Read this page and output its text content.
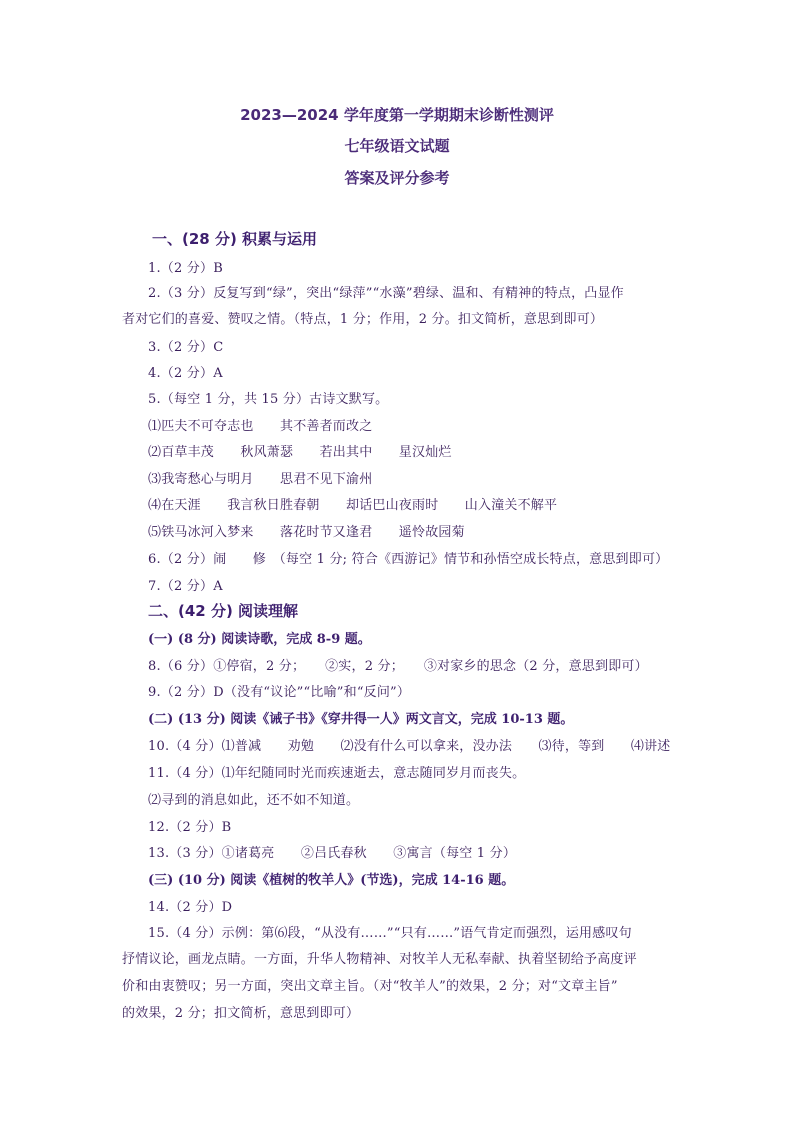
2023—2024 学年度第一学期期末诊断性测评
七年级语文试题
答案及评分参考
一、(28 分) 积累与运用
1.（2 分）B
2.（3 分）反复写到“绿”，突出“绿萍”“水藻”碧绿、温和、有精神的特点，凸显作
者对它们的喜爱、赞叹之情。（特点，1 分；作用，2 分。扣文简析，意思到即可）
3.（2 分）C
4.（2 分）A
5.（每空 1 分，共 15 分）古诗文默写。
⑴匹夫不可夺志也　　其不善者而改之
⑵百草丰茂　　秋风萧瑟　　若出其中　　星汉灿烂
⑶我寄愁心与明月　　思君不见下渝州
⑷在天涯　　我言秋日胜春朝　　却话巴山夜雨时　　山入潼关不解平
⑸铁马冰河入梦来　　落花时节又逢君　　遥怜故园菊
6.（2 分）闹　　修　（每空 1 分; 符合《西游记》情节和孙悟空成长特点，意思到即可）
7.（2 分）A
二、(42 分) 阅读理解
(一) (8 分) 阅读诗歌，完成 8-9 题。
8.（6 分）①停宿，2 分；　　②实，2 分；　　③对家乡的思念（2 分，意思到即可）
9.（2 分）D（没有“议论”“比喻”和“反问”）
(二) (13 分) 阅读《诫子书》《穿井得一人》两文言文，完成 10-13 题。
10.（4 分）⑴普减　　劝勉　　⑵没有什么可以拿来，没办法　　⑶待，等到　　⑷讲述
11.（4 分）⑴年纪随同时光而疾速逝去，意志随同岁月而丧失。
⑵寻到的消息如此，还不如不知道。
12.（2 分）B
13.（3 分）①诸葛亮　　②吕氏春秋　　③寓言（每空 1 分）
(三) (10 分) 阅读《植树的牧羊人》(节选)，完成 14-16 题。
14.（2 分）D
15.（4 分）示例：第⑹段，“从没有……”“只有……”语气肯定而强烈，运用感叹句
抒情议论，画龙点睛。一方面，升华人物精神、对牧羊人无私奉献、执着坚韧给予高度评
价和由衷赞叹；另一方面，突出文章主旨。（对“牧羊人”的效果，2 分；对“文章主旨”
的效果，2 分；扣文简析，意思到即可）
